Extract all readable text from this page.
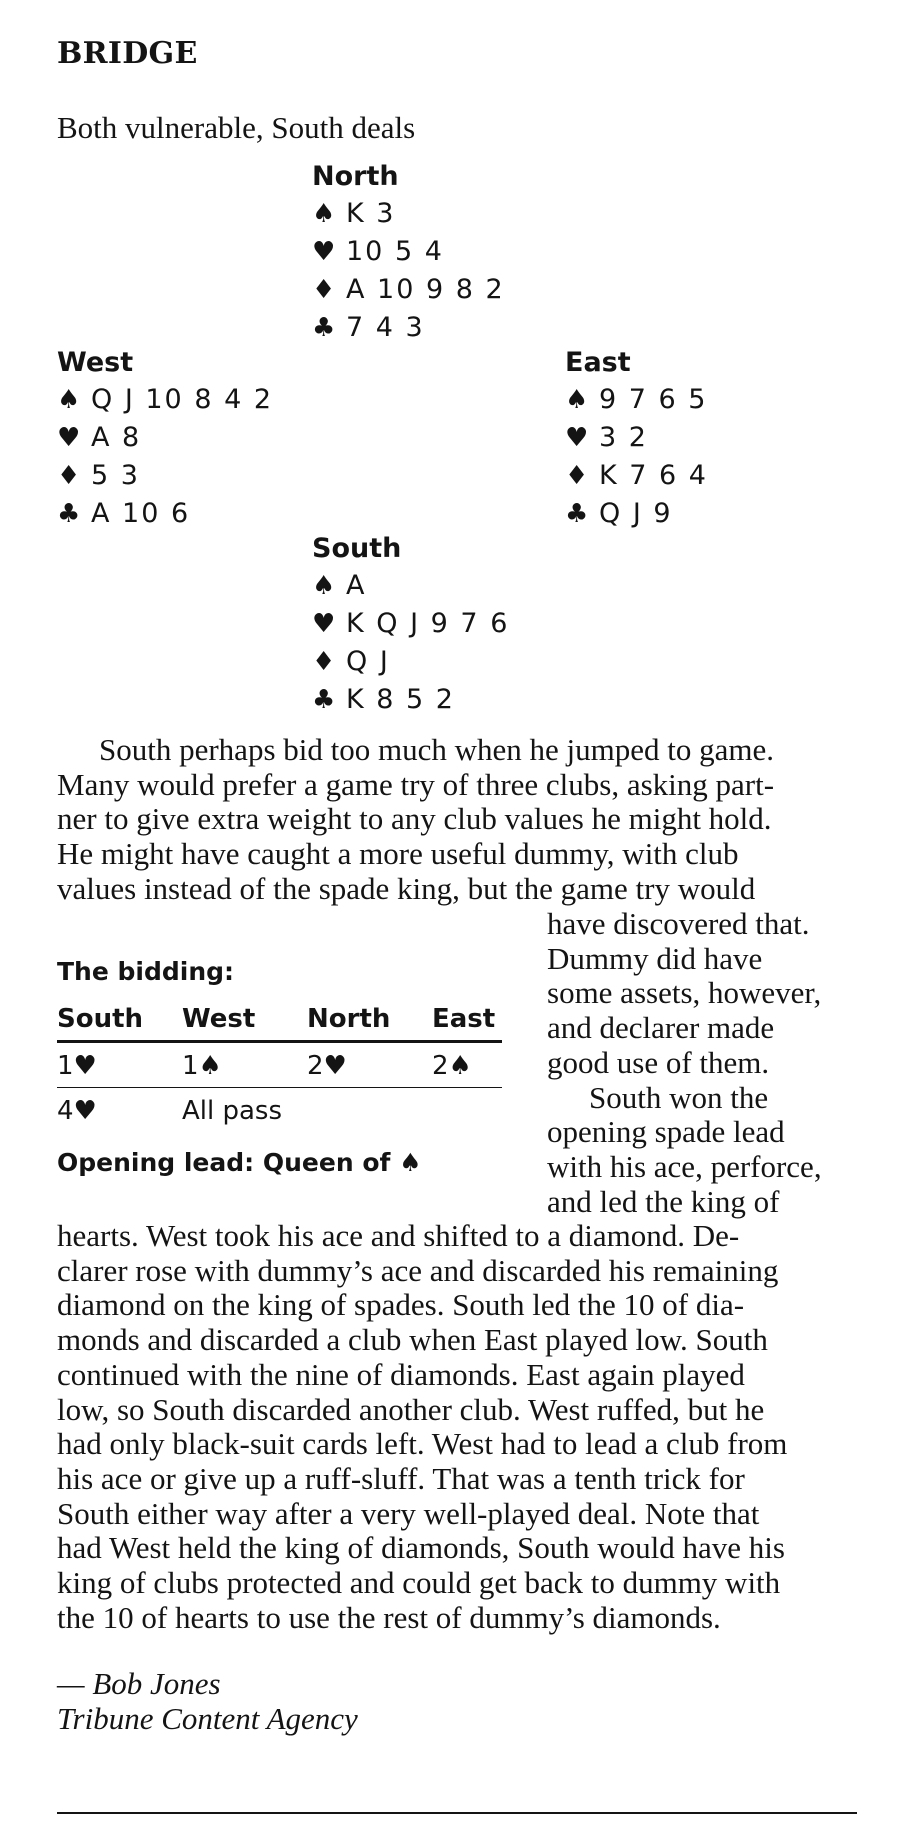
BRIDGE
Both vulnerable, South deals
North
♠ K 3
♥ 10 5 4
♦ A 10 9 8 2
♣ 7 4 3
West
♠ Q J 10 8 4 2
♥ A 8
♦ 5 3
♣ A 10 6
East
♠ 9 7 6 5
♥ 3 2
♦ K 7 6 4
♣ Q J 9
South
♠ A
♥ K Q J 9 7 6
♦ Q J
♣ K 8 5 2
South perhaps bid too much when he jumped to game.
Many would prefer a game try of three clubs, asking part-
ner to give extra weight to any club values he might hold.
He might have caught a more useful dummy, with club
values instead of the spade king, but the game try would
have discovered that.
Dummy did have
some assets, however,
and declarer made
good use of them.
South won the
opening spade lead
with his ace, perforce,
and led the king of
The bidding:
South	West	North	East
1♥	1♠	2♥	2♠
4♥	All pass		
Opening lead: Queen of ♠
hearts. West took his ace and shifted to a diamond. De-
clarer rose with dummy’s ace and discarded his remaining
diamond on the king of spades. South led the 10 of dia-
monds and discarded a club when East played low. South
continued with the nine of diamonds. East again played
low, so South discarded another club. West ruffed, but he
had only black-suit cards left. West had to lead a club from
his ace or give up a ruff-sluff. That was a tenth trick for
South either way after a very well-played deal. Note that
had West held the king of diamonds, South would have his
king of clubs protected and could get back to dummy with
the 10 of hearts to use the rest of dummy’s diamonds.
— Bob Jones
Tribune Content Agency
